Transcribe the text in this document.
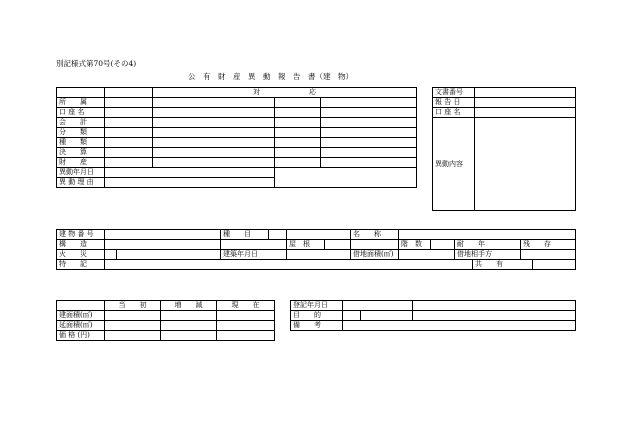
別記様式第70号(その4)
公　有　財　産　異　動　報　告　書（建　物）
		対　　　　　　　応		
所　　属				
口 座 名				
会　　計				
分　　類				
種　　類				
決　　算				
財　　産				
異動年月日				
異 動 理 由				
文書番号	
報 告 日	
口 座 名	
異動内容	
建 物 番 号			種　　目				名　　称						
構　　造					屋　根			階　数		耐　　年		残　　存	
火　　災			建築年月日				借地面積(㎡)			借地相手方			
特　　記											共　　有		
	当　　初	増　　減	現　　在
建面積(㎡)			
延面積(㎡)			
価 格 (円)			
登記年月日			
目　　的			
備　　考			
